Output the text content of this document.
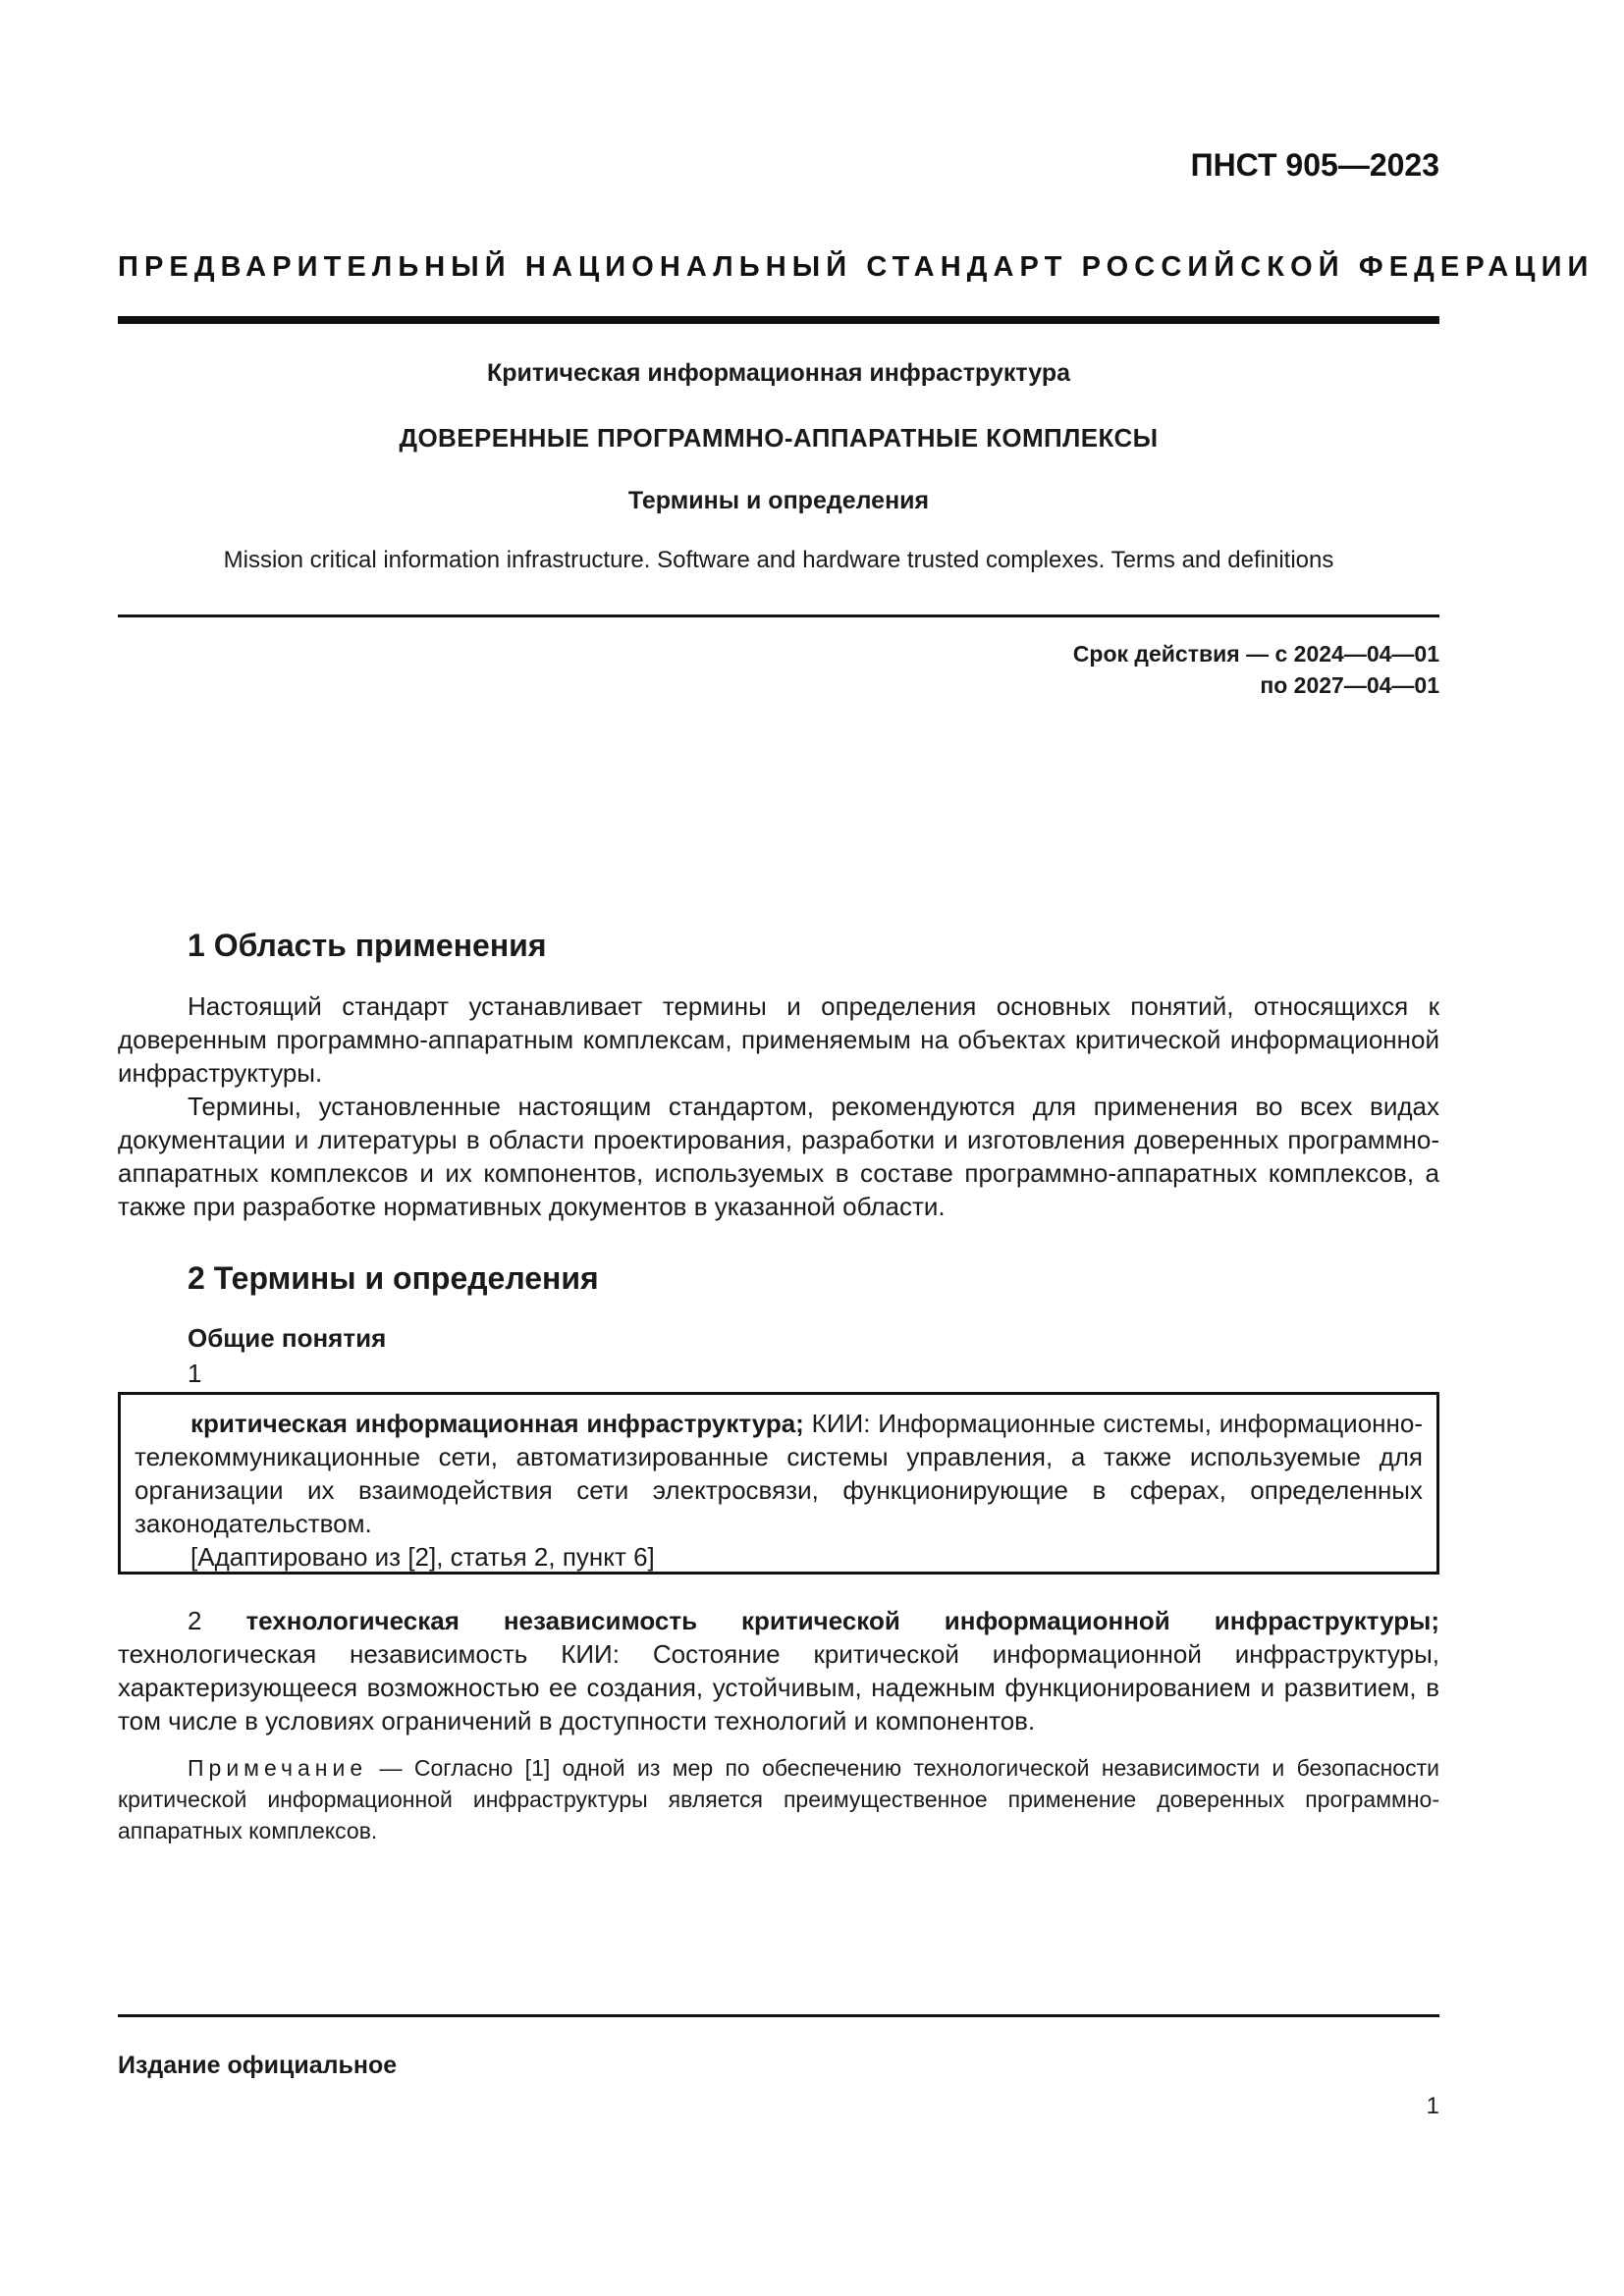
ПНСТ 905—2023
ПРЕДВАРИТЕЛЬНЫЙ НАЦИОНАЛЬНЫЙ СТАНДАРТ РОССИЙСКОЙ ФЕДЕРАЦИИ
Критическая информационная инфраструктура
ДОВЕРЕННЫЕ ПРОГРАММНО-АППАРАТНЫЕ КОМПЛЕКСЫ
Термины и определения
Mission critical information infrastructure. Software and hardware trusted complexes. Terms and definitions
Срок действия — с 2024—04—01
по 2027—04—01
1 Область применения

Настоящий стандарт устанавливает термины и определения основных понятий, относящихся к доверенным программно-аппаратным комплексам, применяемым на объектах критической информационной инфраструктуры.

Термины, установленные настоящим стандартом, рекомендуются для применения во всех видах документации и литературы в области проектирования, разработки и изготовления доверенных программно-аппаратных комплексов и их компонентов, используемых в составе программно-аппаратных комплексов, а также при разработке нормативных документов в указанной области.

2 Термины и определения
Общие понятия
1

критическая информационная инфраструктура; КИИ: Информационные системы, информационно-телекоммуникационные сети, автоматизированные системы управления, а также используемые для организации их взаимодействия сети электросвязи, функционирующие в сферах, определенных законодательством.

[Адаптировано из [2], статья 2, пункт 6]

2 технологическая независимость критической информационной инфраструктуры; технологическая независимость КИИ: Состояние критической информационной инфраструктуры, характеризующееся возможностью ее создания, устойчивым, надежным функционированием и развитием, в том числе в условиях ограничений в доступности технологий и компонентов.

Примечание — Согласно [1] одной из мер по обеспечению технологической независимости и безопасности критической информационной инфраструктуры является преимущественное применение доверенных программно-аппаратных комплексов.

Издание официальное
1
